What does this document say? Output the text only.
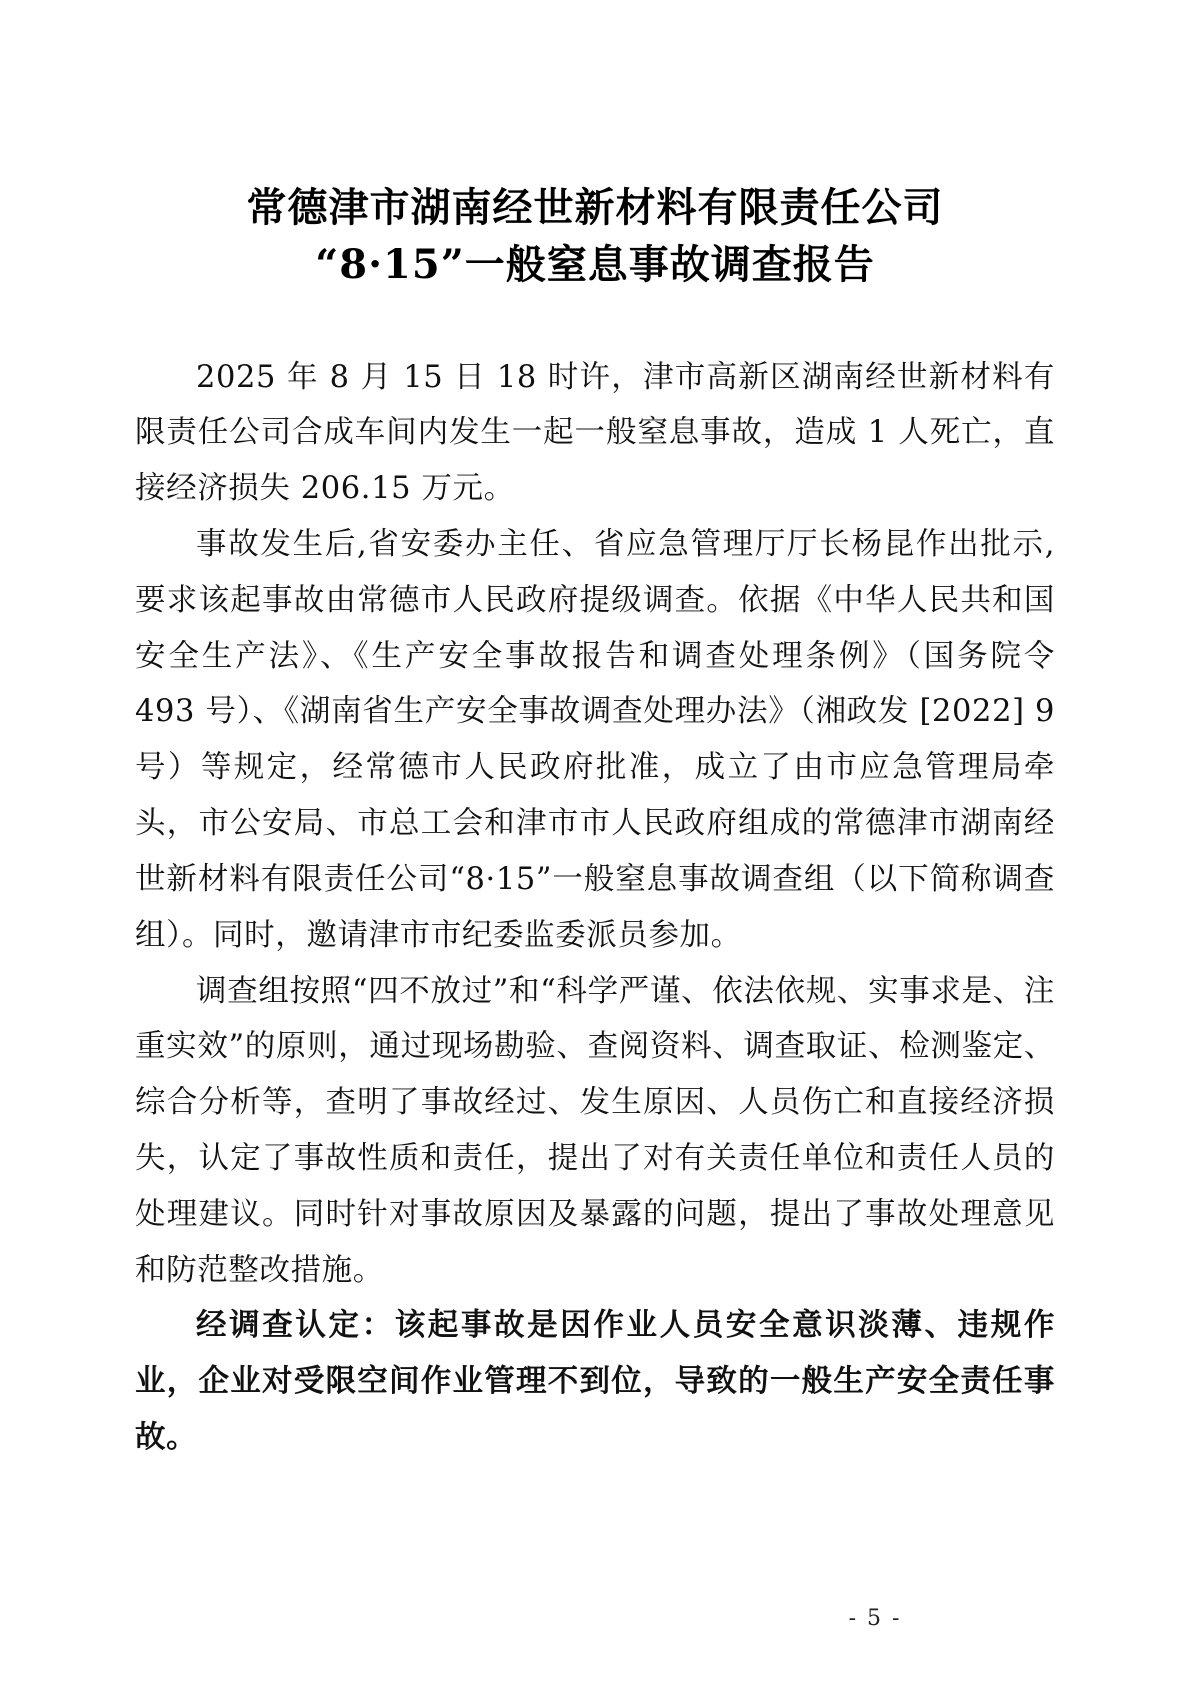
常德津市湖南经世新材料有限责任公司
“8·15”一般窒息事故调查报告

2025 年 8 月 15 日 18 时许，津市高新区湖南经世新材料有限责任公司合成车间内发生一起一般窒息事故，造成 1 人死亡，直接经济损失 206.15 万元。

事故发生后,省安委办主任、省应急管理厅厅长杨昆作出批示,要求该起事故由常德市人民政府提级调查。依据《中华人民共和国安全生产法》、《生产安全事故报告和调查处理条例》（国务院令 493 号）、《湖南省生产安全事故调查处理办法》（湘政发 [2022] 9 号）等规定，经常德市人民政府批准，成立了由市应急管理局牵头，市公安局、市总工会和津市市人民政府组成的常德津市湖南经世新材料有限责任公司“8·15”一般窒息事故调查组（以下简称调查组）。同时，邀请津市市纪委监委派员参加。

调查组按照“四不放过”和“科学严谨、依法依规、实事求是、注重实效”的原则，通过现场勘验、查阅资料、调查取证、检测鉴定、综合分析等，查明了事故经过、发生原因、人员伤亡和直接经济损失，认定了事故性质和责任，提出了对有关责任单位和责任人员的处理建议。同时针对事故原因及暴露的问题，提出了事故处理意见和防范整改措施。

经调查认定：该起事故是因作业人员安全意识淡薄、违规作业，企业对受限空间作业管理不到位，导致的一般生产安全责任事故。

- 5 -
